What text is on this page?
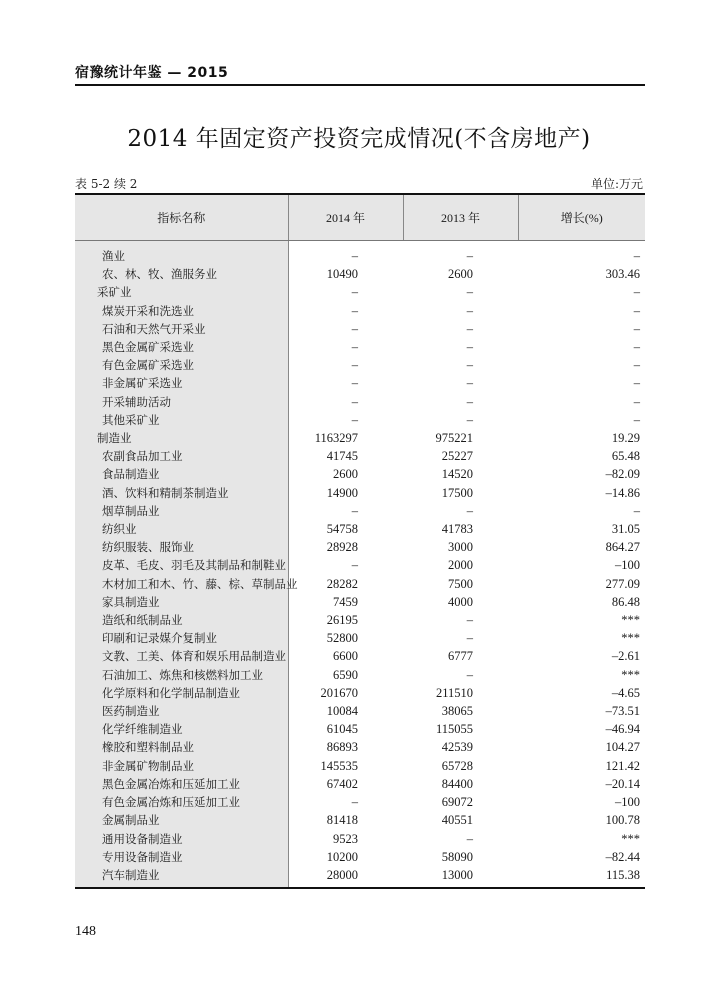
宿豫统计年鉴 — 2015
2014 年固定资产投资完成情况(不含房地产)
表 5-2 续 2	单位:万元
指标名称	2014 年	2013 年	增长(%)
渔业	–	–	–
农、林、牧、渔服务业	10490	2600	303.46
采矿业	–	–	–
煤炭开采和洗选业	–	–	–
石油和天然气开采业	–	–	–
黑色金属矿采选业	–	–	–
有色金属矿采选业	–	–	–
非金属矿采选业	–	–	–
开采辅助活动	–	–	–
其他采矿业	–	–	–
制造业	1163297	975221	19.29
农副食品加工业	41745	25227	65.48
食品制造业	2600	14520	–82.09
酒、饮料和精制茶制造业	14900	17500	–14.86
烟草制品业	–	–	–
纺织业	54758	41783	31.05
纺织服装、服饰业	28928	3000	864.27
皮革、毛皮、羽毛及其制品和制鞋业	–	2000	–100
木材加工和木、竹、藤、棕、草制品业	28282	7500	277.09
家具制造业	7459	4000	86.48
造纸和纸制品业	26195	–	***
印刷和记录媒介复制业	52800	–	***
文教、工美、体育和娱乐用品制造业	6600	6777	–2.61
石油加工、炼焦和核燃料加工业	6590	–	***
化学原料和化学制品制造业	201670	211510	–4.65
医药制造业	10084	38065	–73.51
化学纤维制造业	61045	115055	–46.94
橡胶和塑料制品业	86893	42539	104.27
非金属矿物制品业	145535	65728	121.42
黑色金属冶炼和压延加工业	67402	84400	–20.14
有色金属冶炼和压延加工业	–	69072	–100
金属制品业	81418	40551	100.78
通用设备制造业	9523	–	***
专用设备制造业	10200	58090	–82.44
汽车制造业	28000	13000	115.38
148
